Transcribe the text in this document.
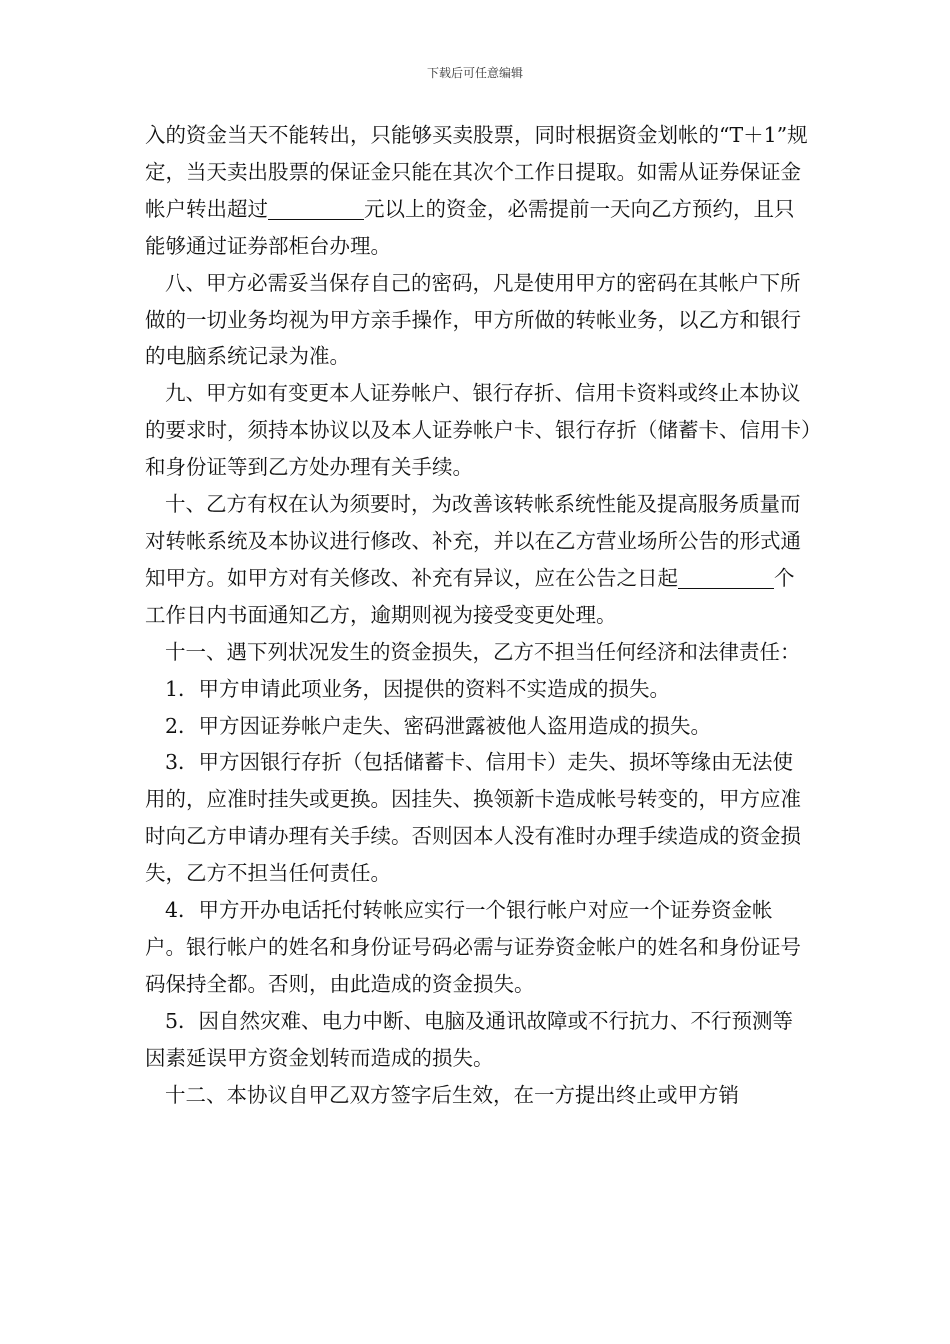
下载后可任意编辑

入的资金当天不能转出，只能够买卖股票，同时根据资金划帐的“T＋1”规定，当天卖出股票的保证金只能在其次个工作日提取。如需从证券保证金帐户转出超过	元以上的资金，必需提前一天向乙方预约，且只能够通过证券部柜台办理。

八、甲方必需妥当保存自己的密码，凡是使用甲方的密码在其帐户下所做的一切业务均视为甲方亲手操作，甲方所做的转帐业务，以乙方和银行的电脑系统记录为准。

九、甲方如有变更本人证券帐户、银行存折、信用卡资料或终止本协议的要求时，须持本协议以及本人证券帐户卡、银行存折（储蓄卡、信用卡）和身份证等到乙方处办理有关手续。

十、乙方有权在认为须要时，为改善该转帐系统性能及提高服务质量而对转帐系统及本协议进行修改、补充，并以在乙方营业场所公告的形式通知甲方。如甲方对有关修改、补充有异议，应在公告之日起	个工作日内书面通知乙方，逾期则视为接受变更处理。

十一、遇下列状况发生的资金损失，乙方不担当任何经济和法律责任：

1．甲方申请此项业务，因提供的资料不实造成的损失。

2．甲方因证券帐户走失、密码泄露被他人盗用造成的损失。

3．甲方因银行存折（包括储蓄卡、信用卡）走失、损坏等缘由无法使用的，应准时挂失或更换。因挂失、换领新卡造成帐号转变的，甲方应准时向乙方申请办理有关手续。否则因本人没有准时办理手续造成的资金损失，乙方不担当任何责任。

4．甲方开办电话托付转帐应实行一个银行帐户对应一个证券资金帐户。银行帐户的姓名和身份证号码必需与证券资金帐户的姓名和身份证号码保持全都。否则，由此造成的资金损失。

5．因自然灾难、电力中断、电脑及通讯故障或不行抗力、不行预测等因素延误甲方资金划转而造成的损失。

十二、本协议自甲乙双方签字后生效，在一方提出终止或甲方销
